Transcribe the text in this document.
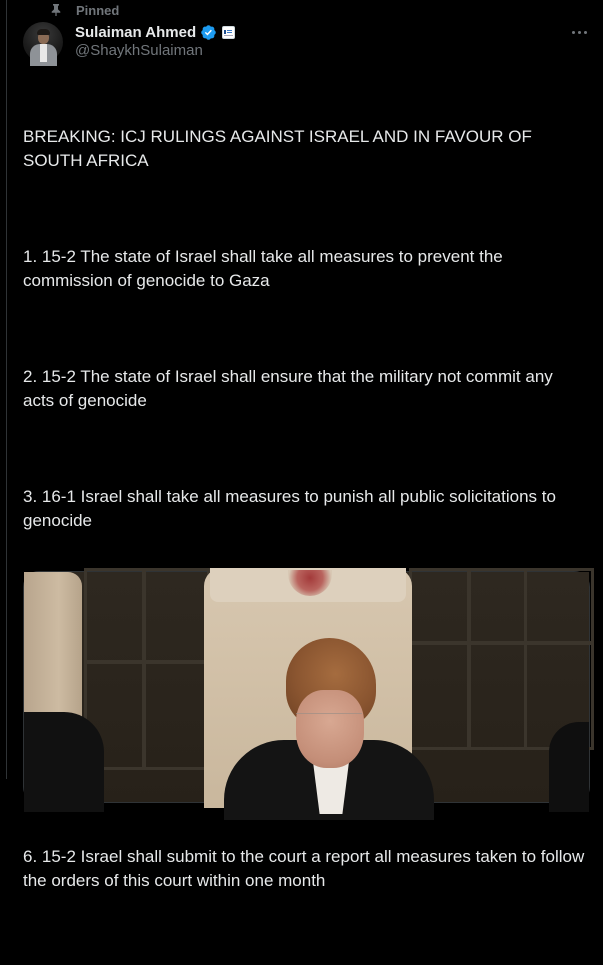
Pinned
Sulaiman Ahmed
@ShaykhSulaiman

BREAKING: ICJ RULINGS AGAINST ISRAEL AND IN FAVOUR OF SOUTH AFRICA

1. 15-2 The state of Israel shall take all measures to prevent the commission of genocide to Gaza

2. 15-2 The state of Israel shall ensure that the military not commit any acts of genocide

3. 16-1 Israel shall take all measures to punish all public solicitations to genocide

6. 15-2 Israel shall submit to the court a report all measures taken to follow the orders of this court within one month
